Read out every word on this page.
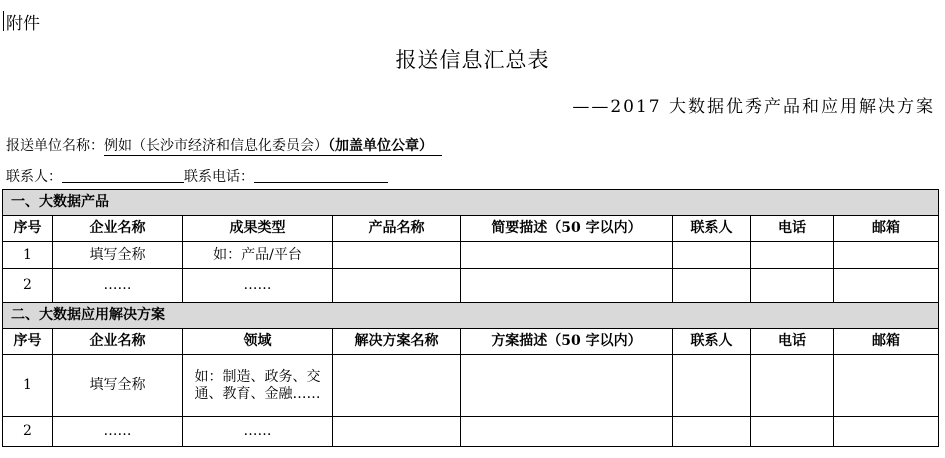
附件
报送信息汇总表
——2017 大数据优秀产品和应用解决方案
报送单位名称：例如（长沙市经济和信息化委员会）（加盖单位公章）
联系人：	联系电话：
一、大数据产品							
序号	企业名称	成果类型	产品名称	简要描述（50 字以内）	联系人	电话	邮箱
1	填写全称	如：产品/平台					
2	……	……					
二、大数据应用解决方案							
序号	企业名称	领域	解决方案名称	方案描述（50 字以内）	联系人	电话	邮箱
1	填写全称	如：制造、政务、交通、教育、金融……					
2	……	……					
